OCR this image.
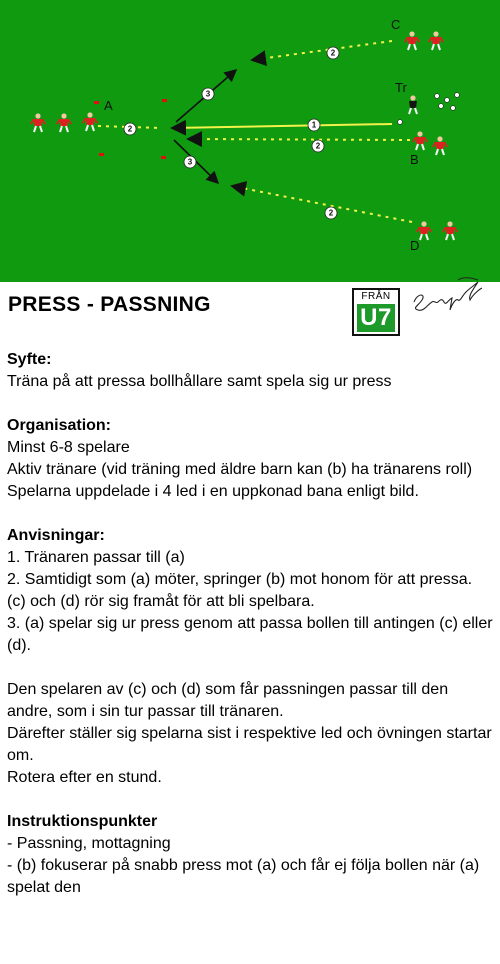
1
2
2
2
2
3
3
A
C
Tr
B
D
PRESS - PASSNING	FRÅN
U7
Syfte:
Träna på att pressa bollhållare samt spela sig ur press
Organisation:
Minst 6-8 spelare
Aktiv tränare (vid träning med äldre barn kan (b) ha tränarens roll)
Spelarna uppdelade i 4 led i en uppkonad bana enligt bild.
Anvisningar:
1. Tränaren passar till (a)
2. Samtidigt som (a) möter, springer (b) mot honom för att pressa. (c) och (d) rör sig framåt för att bli spelbara.
3. (a) spelar sig ur press genom att passa bollen till antingen (c) eller (d).
Den spelaren av (c) och (d) som får passningen passar till den andre, som i sin tur passar till tränaren.
Därefter ställer sig spelarna sist i respektive led och övningen startar om.
Rotera efter en stund.
Instruktionspunkter
- Passning, mottagning
- (b) fokuserar på snabb press mot (a) och får ej följa bollen när (a) spelat den
